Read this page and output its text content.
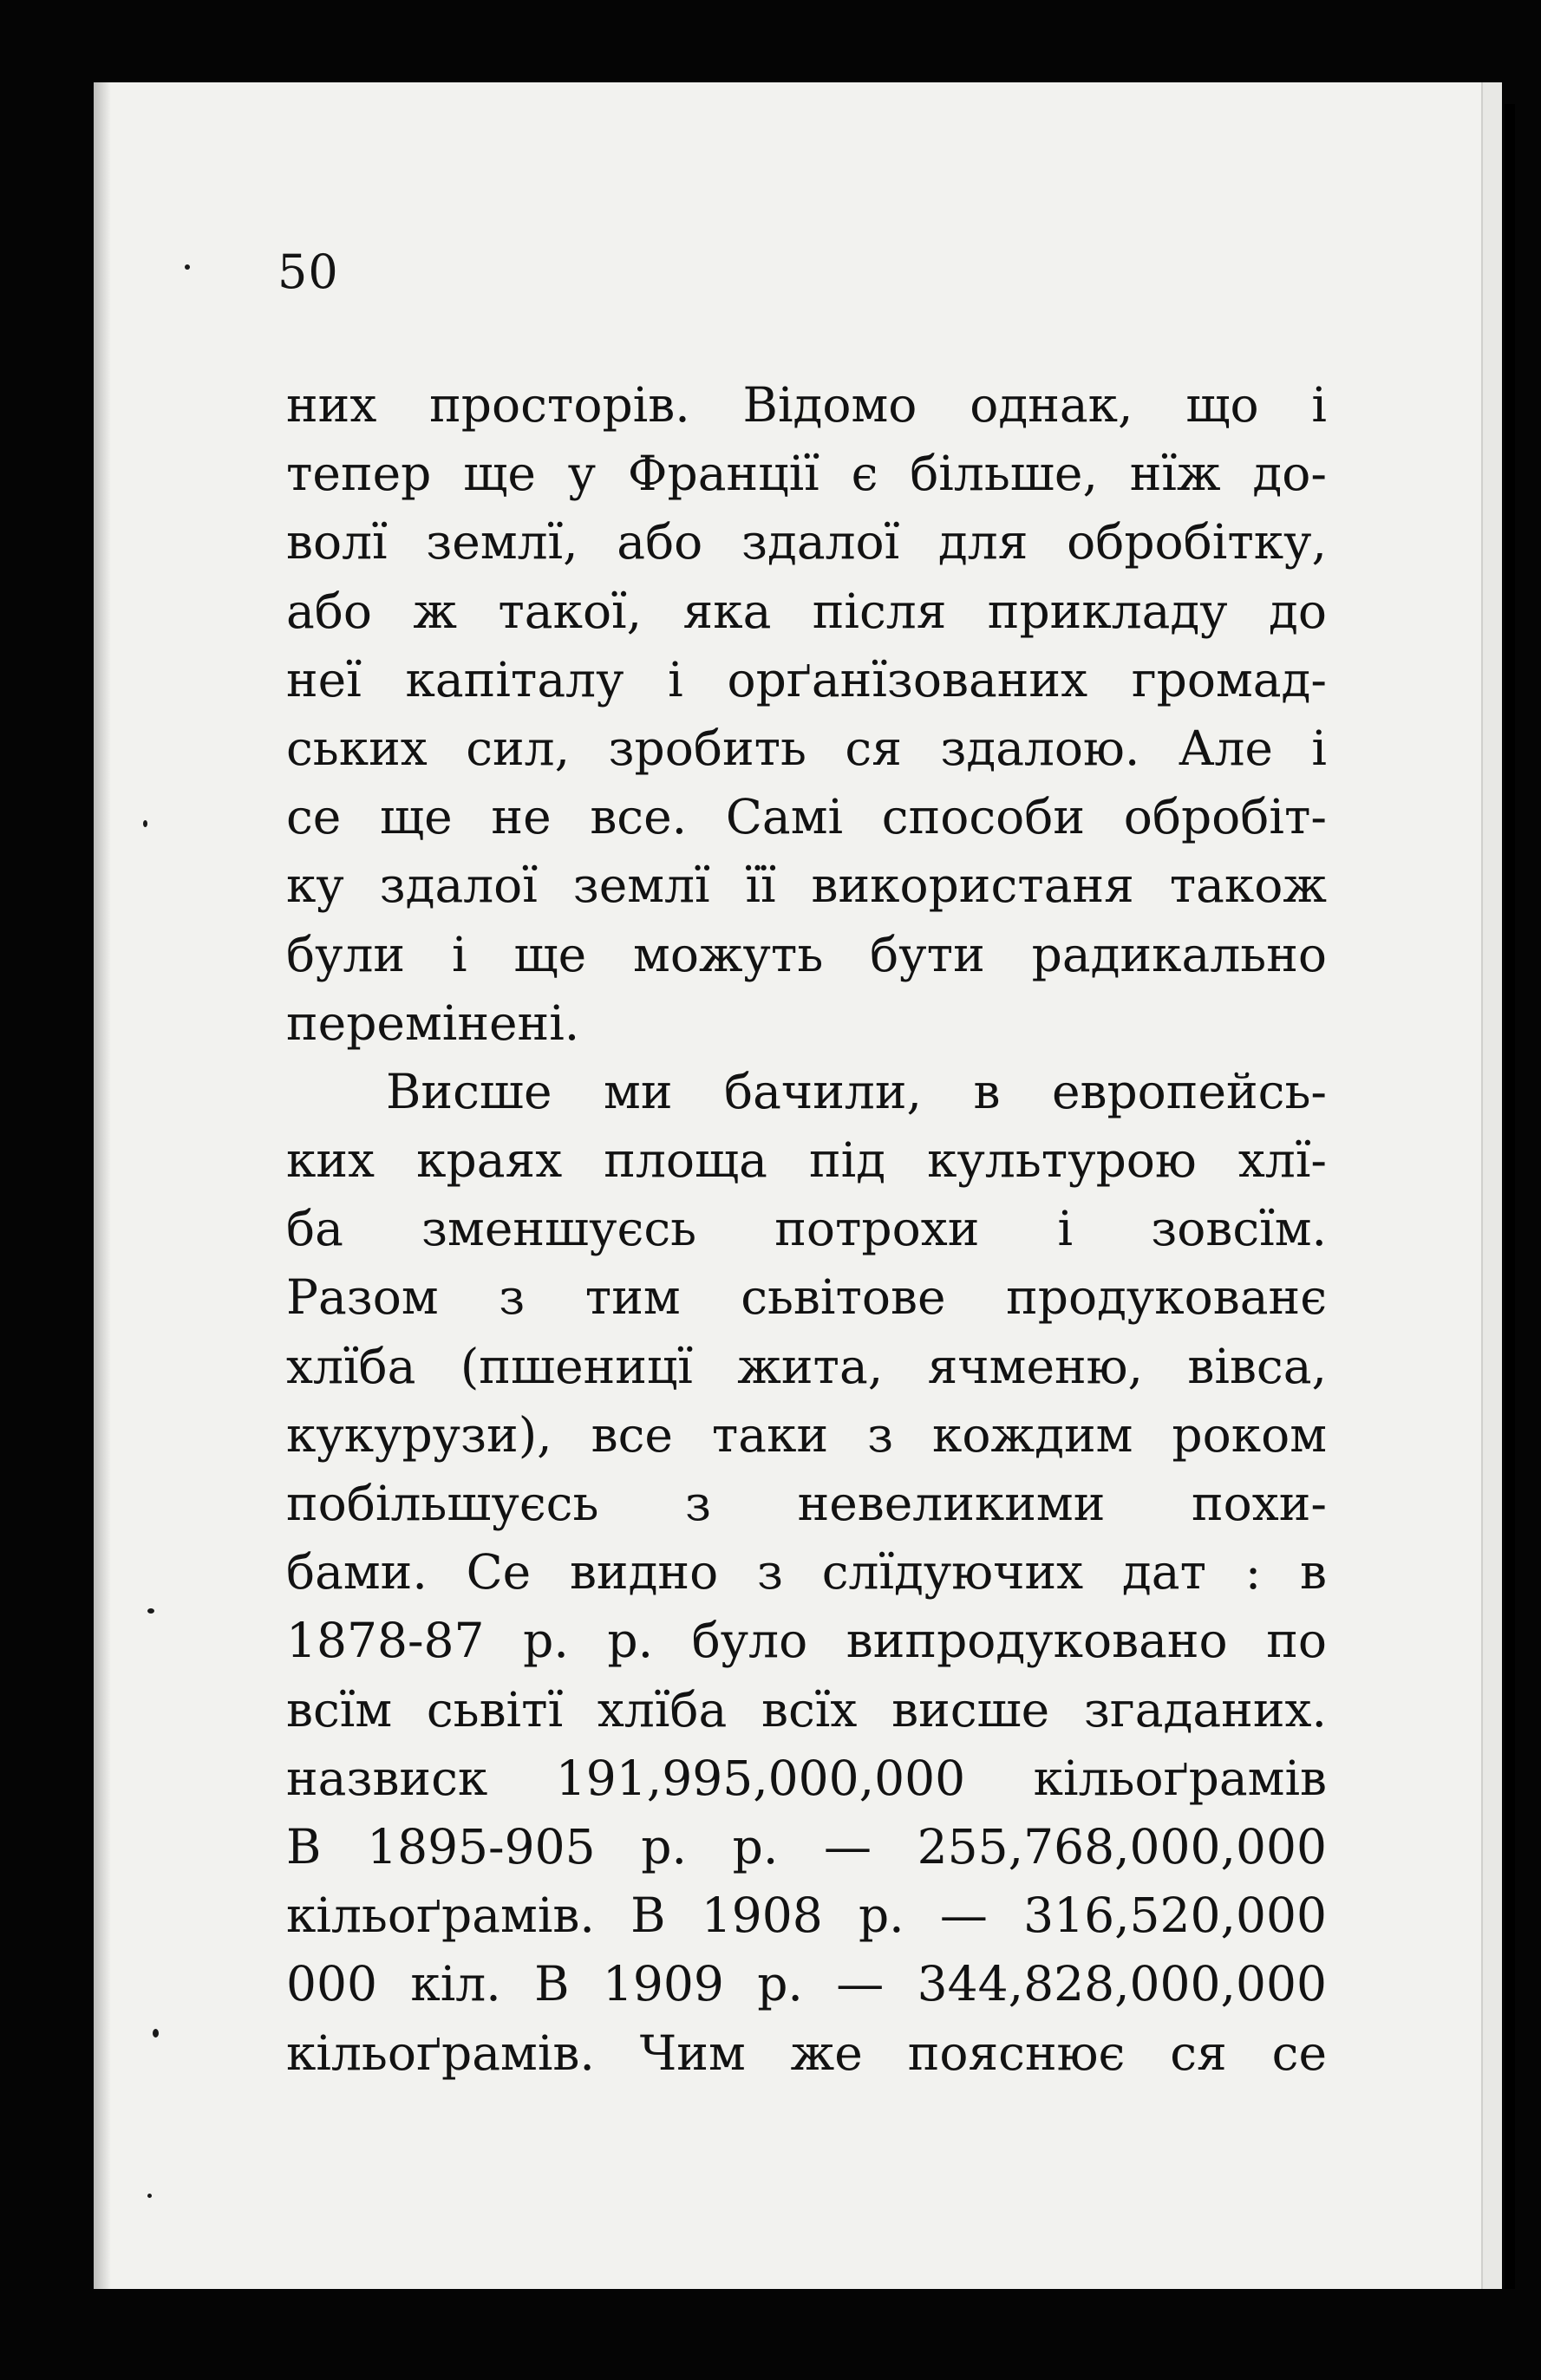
50
них просторів. Відомо однак, що і
тепер ще у Франції є більше, нїж до-
волї землї, або здалої для обробітку,
або ж такої, яка після прикладу до
неї капіталу і орґанїзованих громад-
ських сил, зробить ся здалою. Але і
се ще не все. Самі способи обробіт-
ку здалої землї її використаня також
були і ще можуть бути радикально
перемінені.
Висше ми бачили, в европейсь-
ких краях площа під культурою хлї-
ба зменшуєсь потрохи і зовсїм.
Разом з тим сьвітове продукованє
хлїба (пшеницї жита, ячменю, вівса,
кукурузи), все таки з кождим роком
побільшуєсь з невеликими похи-
бами. Се видно з слїдуючих дат : в
1878-87 р. р. було випродуковано по
всїм сьвітї хлїба всїх висше згаданих.
назвиск 191,995,000,000 кільоґрамів
В 1895-905 р. р. — 255,768,000,000
кільоґрамів. В 1908 р. — 316,520,000
000 кіл. В 1909 р. — 344,828,000,000
кільоґрамів. Чим же пояснює ся се
